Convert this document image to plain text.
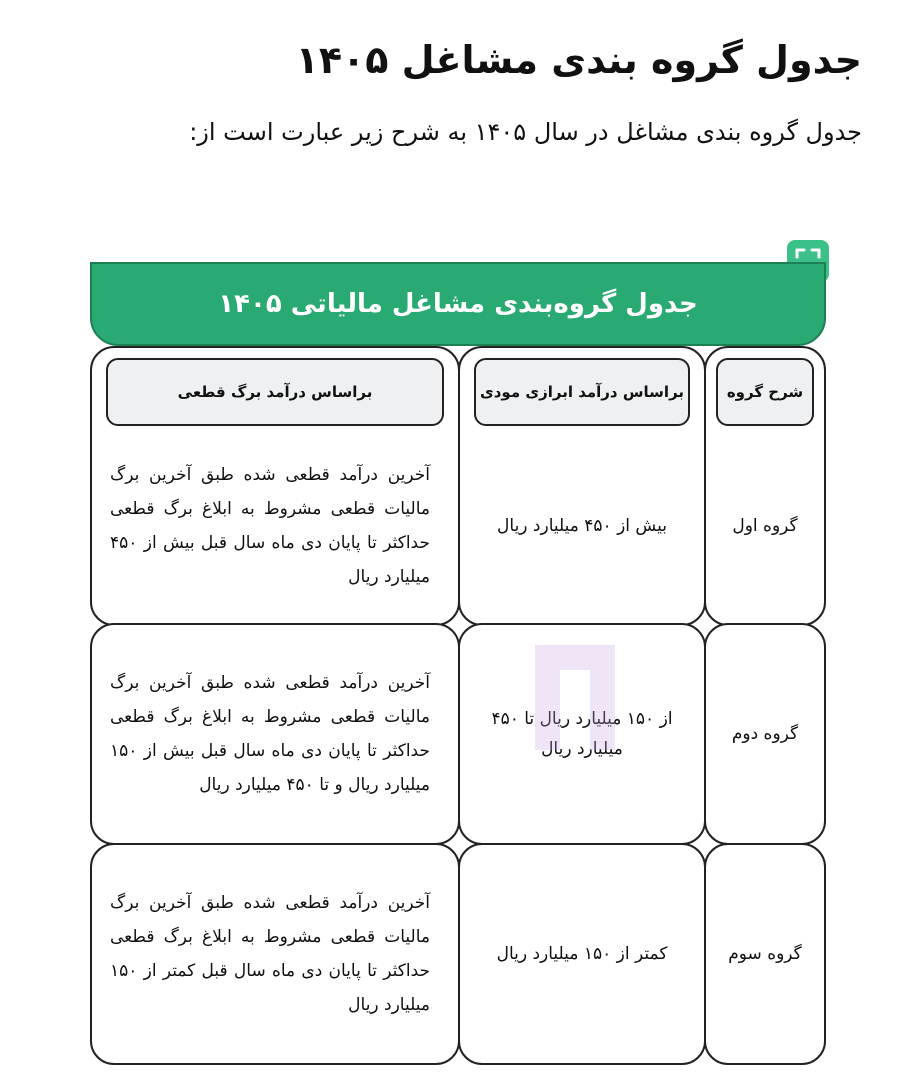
جدول گروه بندی مشاغل ۱۴۰۵

جدول گروه بندی مشاغل در سال ۱۴۰۵ به شرح زیر عبارت است از:

جدول گروه‌بندی مشاغل مالیاتی ۱۴۰۵
براساس درآمد برگ قطعی
آخرین درآمد قطعی شده طبق آخرین برگ مالیات قطعی مشروط به ابلاغ برگ قطعی حداکثر تا پایان دی ماه سال قبل بیش از ۴۵۰ میلیارد ریال
براساس درآمد ابرازی مودی
بیش از ۴۵۰ میلیارد ریال
شرح گروه
گروه اول
آخرین درآمد قطعی شده طبق آخرین برگ مالیات قطعی مشروط به ابلاغ برگ قطعی حداکثر تا پایان دی ماه سال قبل بیش از ۱۵۰ میلیارد ریال و تا ۴۵۰ میلیارد ریال
از ۱۵۰ میلیارد ریال تا ۴۵۰ میلیارد ریال
گروه دوم
آخرین درآمد قطعی شده طبق آخرین برگ مالیات قطعی مشروط به ابلاغ برگ قطعی حداکثر تا پایان دی ماه سال قبل کمتر از ۱۵۰ میلیارد ریال
کمتر از ۱۵۰ میلیارد ریال	گروه سوم
